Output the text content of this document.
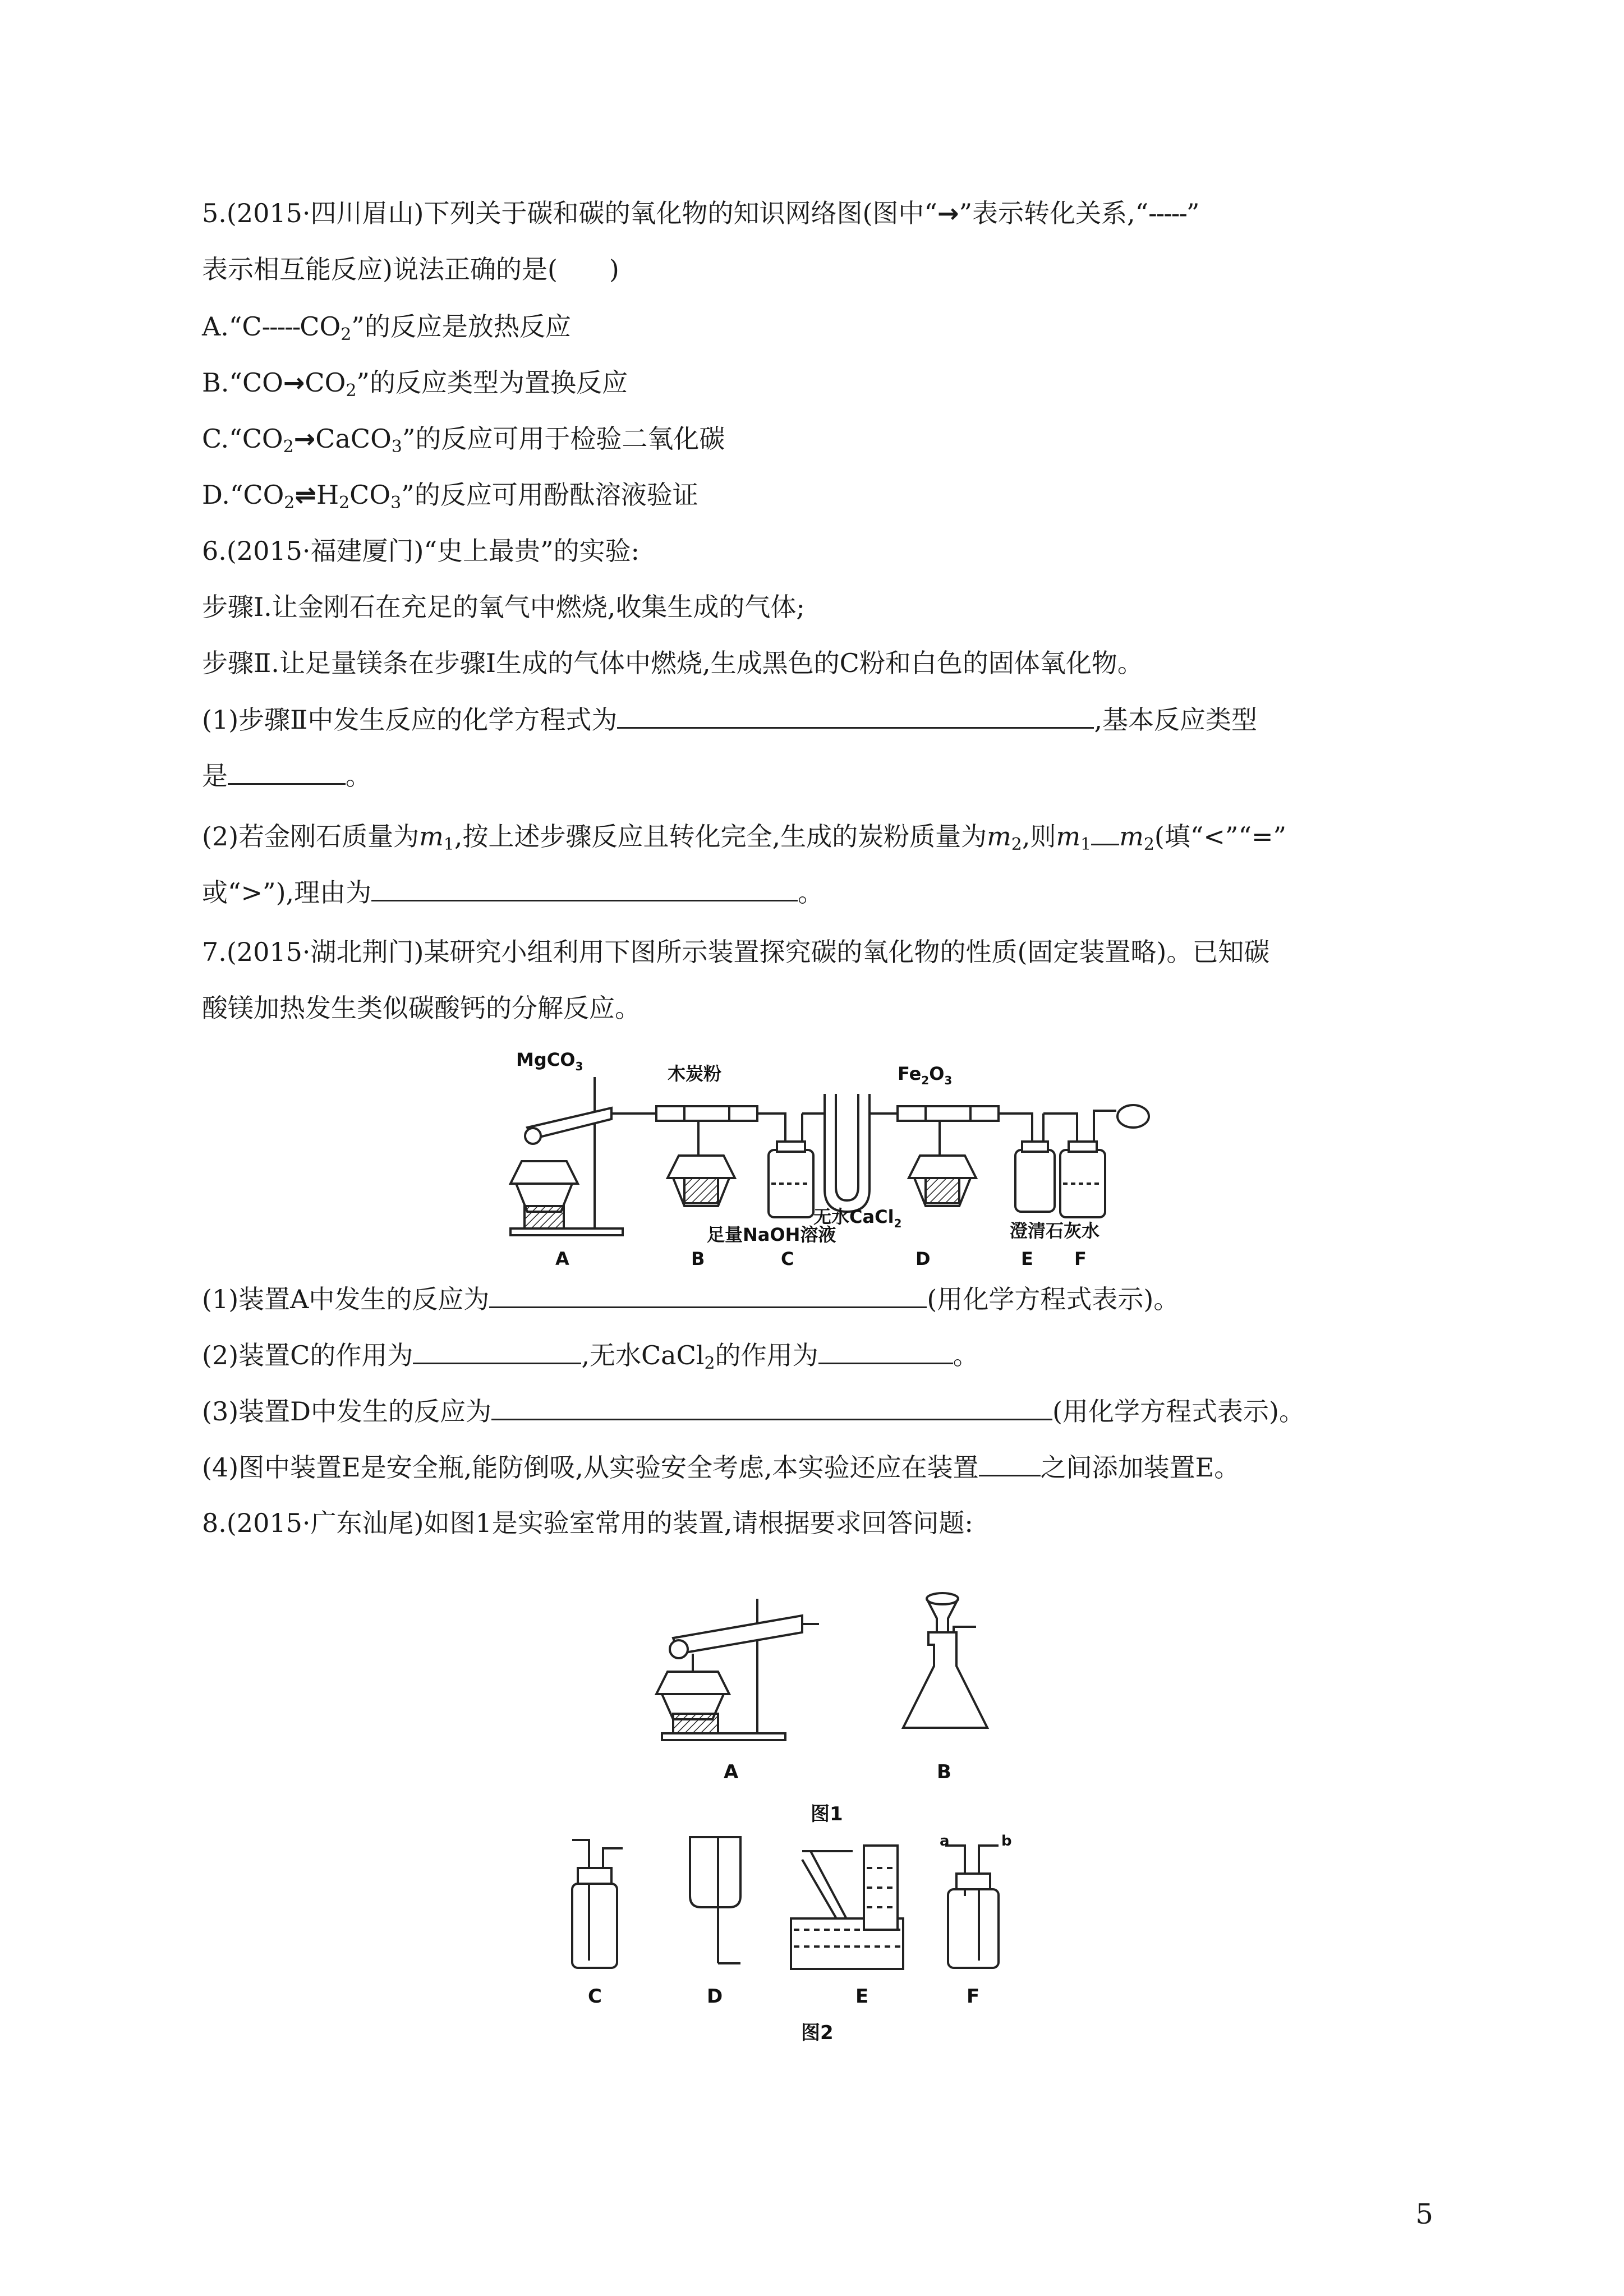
5.(2015·四川眉山)下列关于碳和碳的氧化物的知识网络图(图中“→”表示转化关系,“-----”
表示相互能反应)说法正确的是(　　)
$A.“C-----CO_2$”的反应是放热反应
$B.“CO\to CO_2$”的反应类型为置换反应
$C.“CO_2\to CaCO_3$”的反应可用于检验二氧化碳
$D.“CO_2\rightleftharpoons H_2CO_3$”的反应可用酚酞溶液验证
6.(2015·福建厦门)“史上最贵”的实验:
步骤Ⅰ.让金刚石在充足的氧气中燃烧,收集生成的气体;
步骤Ⅱ.让足量镁条在步骤Ⅰ生成的气体中燃烧,生成黑色的C粉和白色的固体氧化物。
(1)步骤Ⅱ中发生反应的化学方程式为	,基本反应类型
是	。
(2)若金刚石质量为$m_1$,按上述步骤反应且转化完全,生成的炭粉质量为$m_2$,则$m_1$ $m_2$(填“<”“=”
或“>”),理由为	。
7.(2015·湖北荆门)某研究小组利用下图所示装置探究碳的氧化物的性质(固定装置略)。已知碳
酸镁加热发生类似碳酸钙的分解反应。
MgCO$_3$	木炭粉	$Fe_2O_3$
无水CaCl$_2$
足量NaOH溶液	澄清石灰水
A	B	C	D	E F
(1)装置A中发生的反应为	(用化学方程式表示)。
(2)装置C的作用为	,无水CaCl$_2$的作用为	。
(3)装置D中发生的反应为	(用化学方程式表示)。
(4)图中装置E是安全瓶,能防倒吸,从实验安全考虑,本实验还应在装置 之间添加装置E。
8.(2015·广东汕尾)如图1是实验室常用的装置,请根据要求回答问题:
A	B
图1
a	b
C	D	E	F
图2
5
